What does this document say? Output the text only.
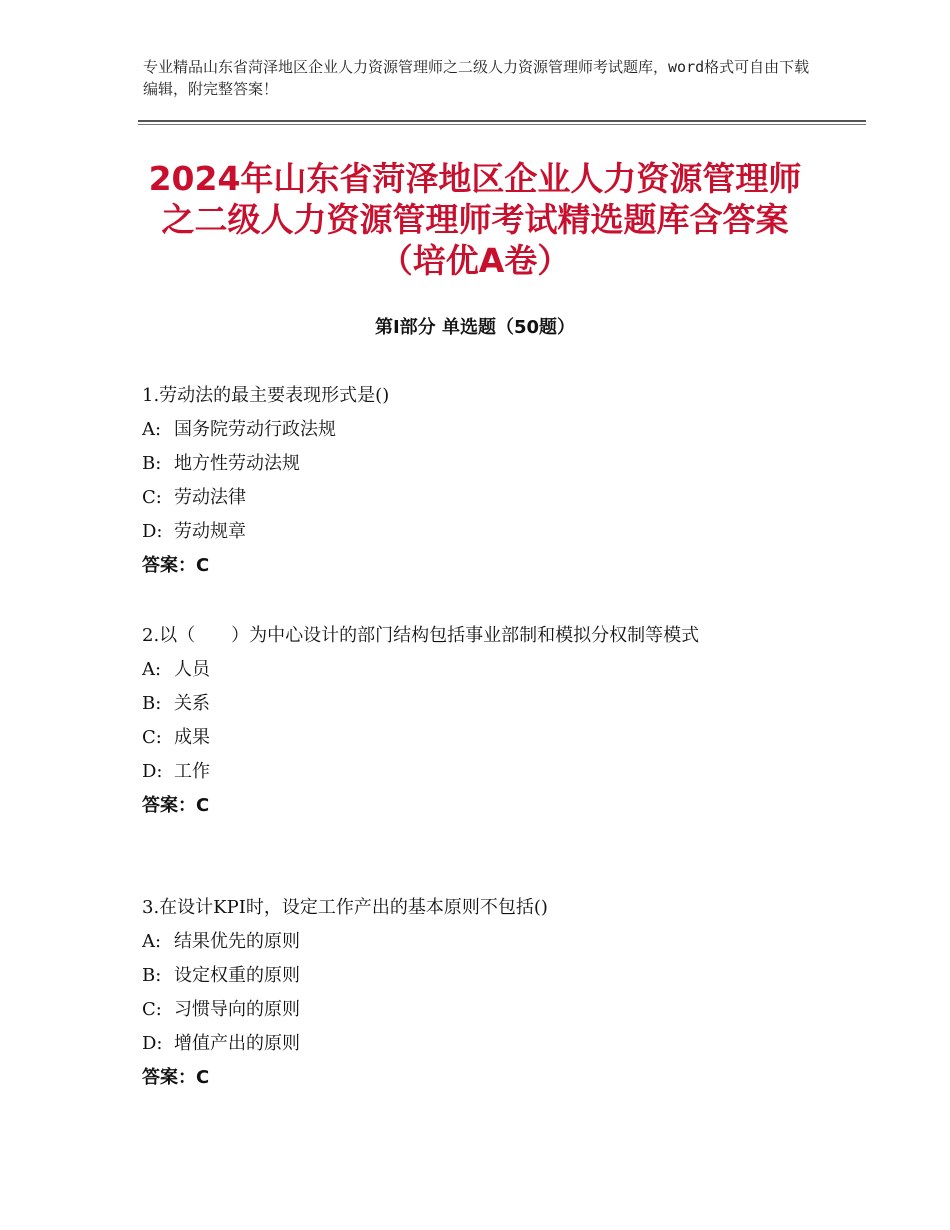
专业精品山东省菏泽地区企业人力资源管理师之二级人力资源管理师考试题库，word格式可自由下载编辑，附完整答案！
2024年山东省菏泽地区企业人力资源管理师
之二级人力资源管理师考试精选题库含答案
（培优A卷）
第Ⅰ部分 单选题（50题）
1.劳动法的最主要表现形式是()
A: 国务院劳动行政法规
B: 地方性劳动法规
C: 劳动法律
D: 劳动规章
答案：C
2.以（　　）为中心设计的部门结构包括事业部制和模拟分权制等模式
A: 人员
B: 关系
C: 成果
D: 工作
答案：C
3.在设计KPI时，设定工作产出的基本原则不包括()
A: 结果优先的原则
B: 设定权重的原则
C: 习惯导向的原则
D: 增值产出的原则
答案：C
